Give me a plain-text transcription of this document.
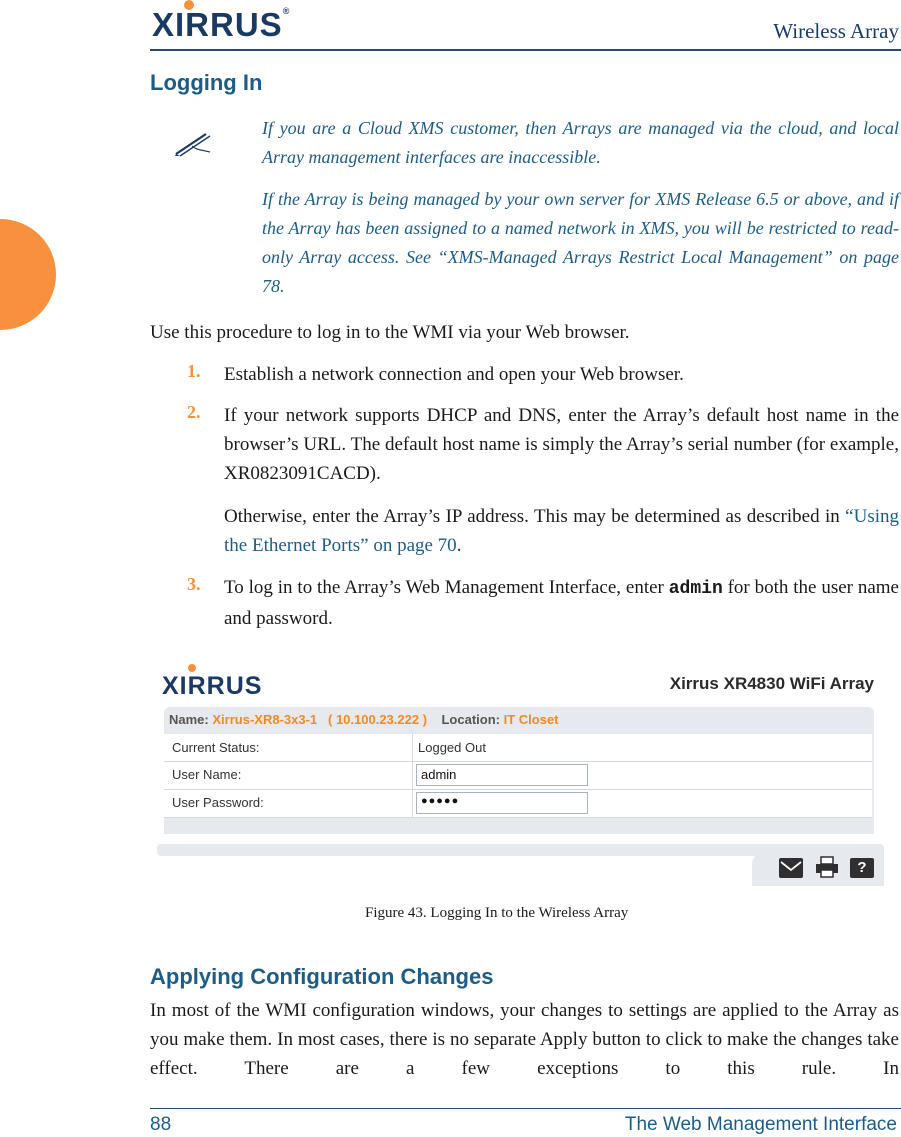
XIRRUS®
Wireless Array
Logging In
If you are a Cloud XMS customer, then Arrays are managed via the cloud, and local Array management interfaces are inaccessible.
If the Array is being managed by your own server for XMS Release 6.5 or above, and if the Array has been assigned to a named network in XMS, you will be restricted to read-only Array access. See “XMS-Managed Arrays Restrict Local Management” on page 78.
Use this procedure to log in to the WMI via your Web browser.
1. Establish a network connection and open your Web browser.
2. If your network supports DHCP and DNS, enter the Array’s default host name in the browser’s URL. The default host name is simply the Array’s serial number (for example, XR0823091CACD).
Otherwise, enter the Array’s IP address. This may be determined as described in “Using the Ethernet Ports” on page 70.
3. To log in to the Array’s Web Management Interface, enter admin for both the user name and password.
XIRRUS	Xirrus XR4830 WiFi Array
Name: Xirrus-XR8-3x3-1 ( 10.100.23.222 ) Location: IT Closet
Current Status:	Logged Out
User Name:	admin
User Password:	●●●●●
?
Figure 43. Logging In to the Wireless Array
Applying Configuration Changes
In most of the WMI configuration windows, your changes to settings are applied to the Array as you make them. In most cases, there is no separate Apply button to click to make the changes take effect. There are a few exceptions to this rule. In
88	The Web Management Interface
